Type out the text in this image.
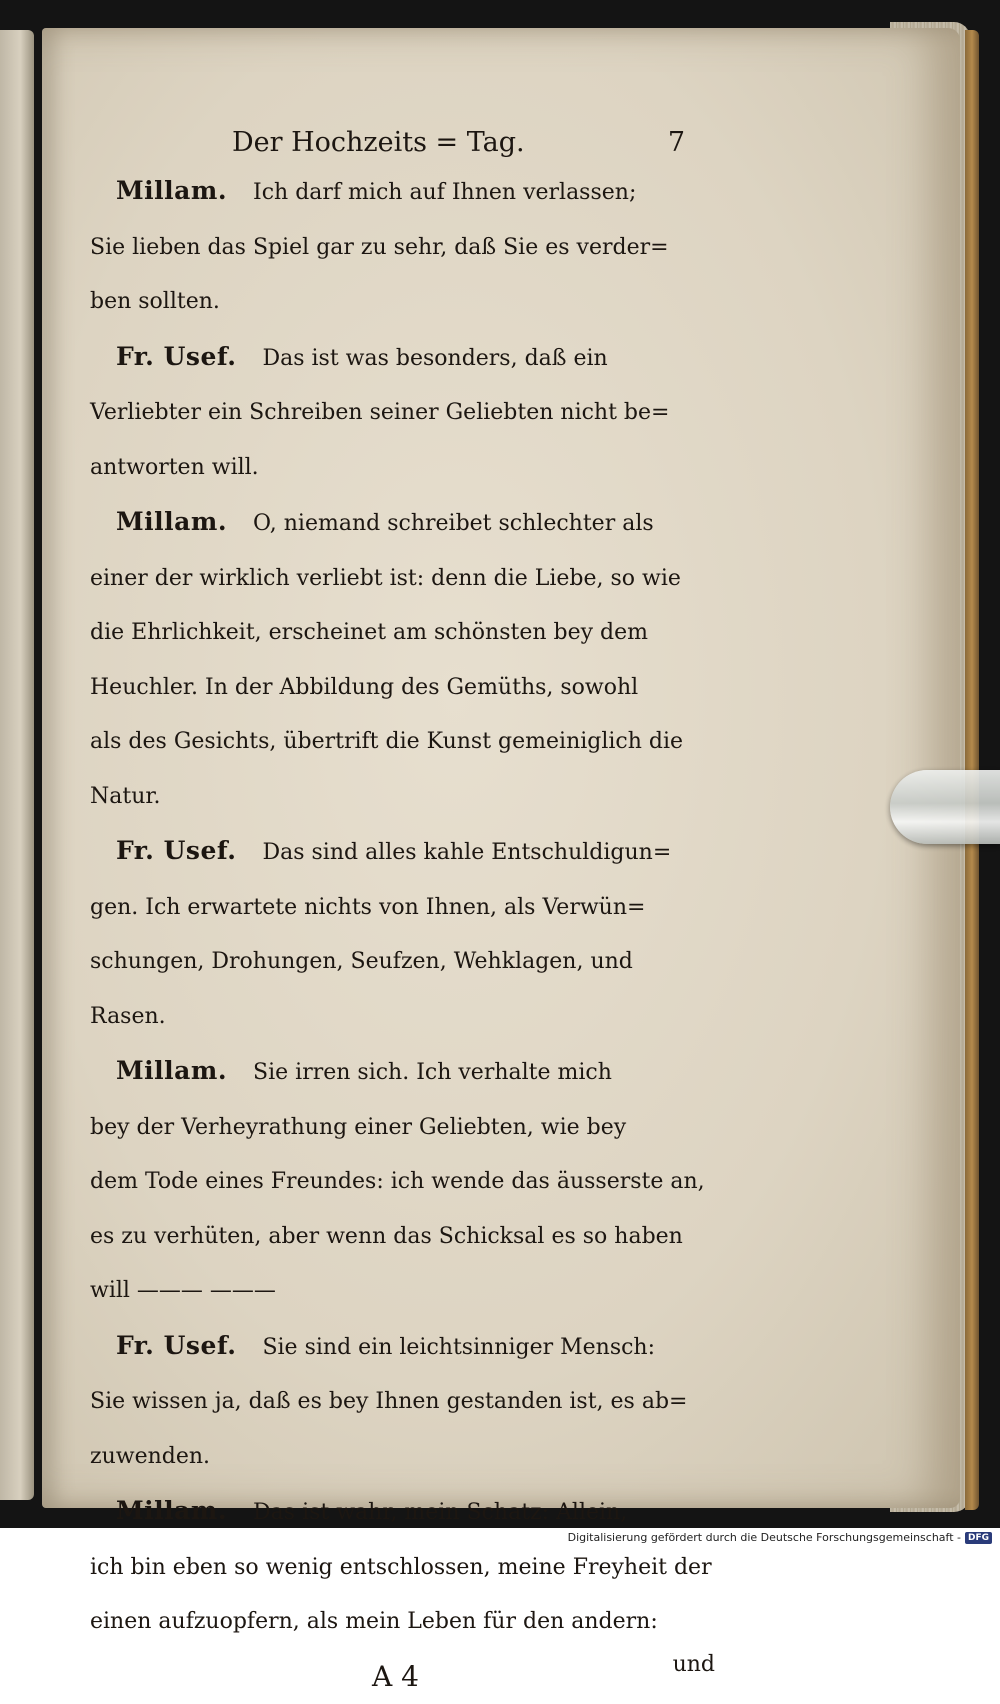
Der Hochzeits = Tag.	7
Millam. Ich darf mich auf Ihnen verlassen;
Sie lieben das Spiel gar zu sehr, daß Sie es verder=
ben sollten.
Fr. Usef. Das ist was besonders, daß ein
Verliebter ein Schreiben seiner Geliebten nicht be=
antworten will.
Millam. O, niemand schreibet schlechter als
einer der wirklich verliebt ist: denn die Liebe, so wie
die Ehrlichkeit, erscheinet am schönsten bey dem
Heuchler. In der Abbildung des Gemüths, sowohl
als des Gesichts, übertrift die Kunst gemeiniglich die
Natur.
Fr. Usef. Das sind alles kahle Entschuldigun=
gen. Ich erwartete nichts von Ihnen, als Verwün=
schungen, Drohungen, Seufzen, Wehklagen, und
Rasen.
Millam. Sie irren sich. Ich verhalte mich
bey der Verheyrathung einer Geliebten, wie bey
dem Tode eines Freundes: ich wende das äusserste an,
es zu verhüten, aber wenn das Schicksal es so haben
will ——— ———
Fr. Usef. Sie sind ein leichtsinniger Mensch:
Sie wissen ja, daß es bey Ihnen gestanden ist, es ab=
zuwenden.
Millam. Das ist wahr, mein Schatz: Allein,
ich bin eben so wenig entschlossen, meine Freyheit der
einen aufzuopfern, als mein Leben für den andern:
A 4	und
Digitalisierung gefördert durch die Deutsche Forschungsgemeinschaft - DFG
